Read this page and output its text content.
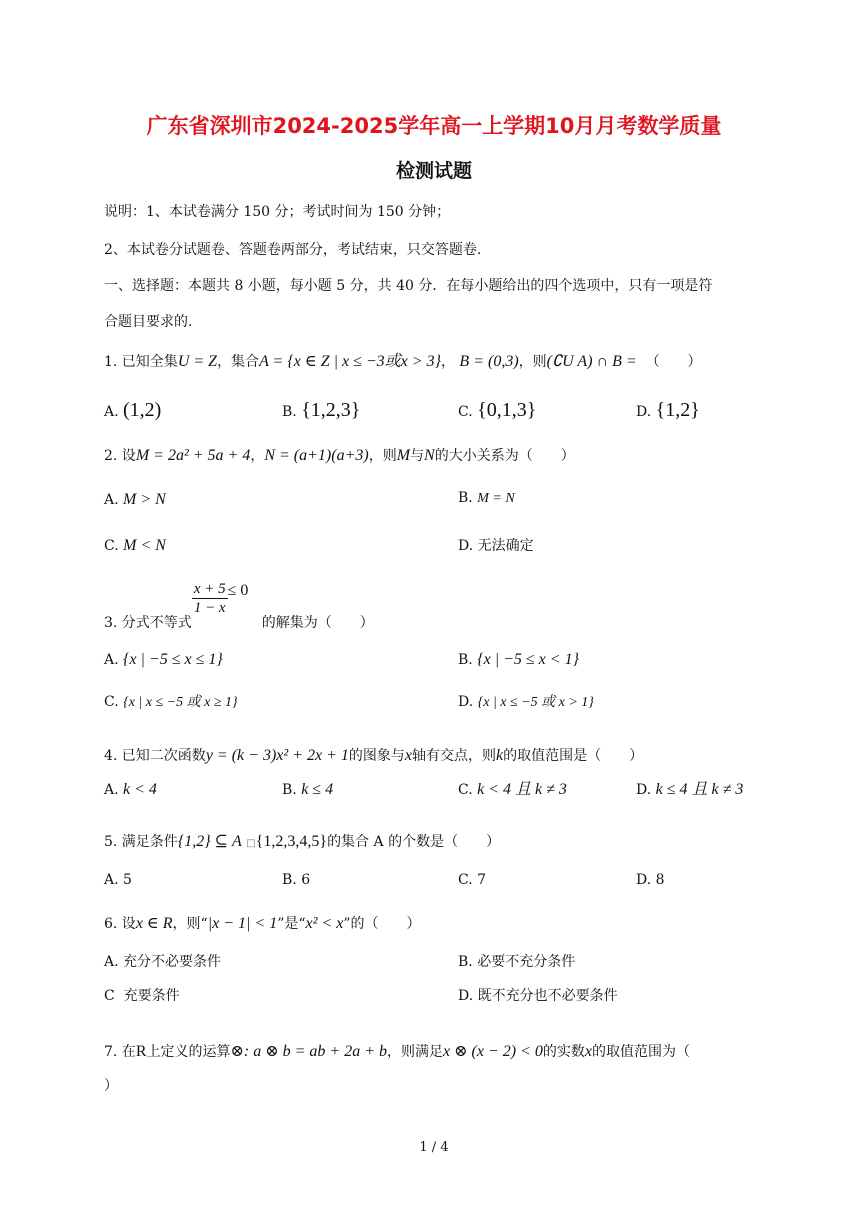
广东省深圳市2024-2025学年高一上学期10月月考数学质量
检测试题
说明：1、本试卷满分 150 分；考试时间为 150 分钟；
2、本试卷分试题卷、答题卷两部分，考试结束，只交答题卷.
一、选择题：本题共 8 小题，每小题 5 分，共 40 分．在每小题给出的四个选项中，只有一项是符
合题目要求的.
1. 已知全集U = Z，集合A = {x ∈ Z | x ≤ −3或x > 3}， B = (0,3)，则(∁U A) ∩ B = （　　）
A. (1,2)	B. {1,2,3}	C. {0,1,3}	D. {1,2}
2. 设M = 2a² + 5a + 4，N = (a+1)(a+3)，则M与N的大小关系为（　　）
A. M > N	B. M = N
C. M < N	D. 无法确定
3. 分式不等式
$\frac{x + 5}{1 - x} \le 0$   的解集为（　　）
A. {x | −5 ≤ x ≤ 1}	B. {x | −5 ≤ x < 1}
C. {x | x ≤ −5 或 x ≥ 1}	D. {x | x ≤ −5 或 x > 1}
4. 已知二次函数y = (k − 3)x² + 2x + 1的图象与x轴有交点，则k的取值范围是（　　）
A. k < 4	B. k ≤ 4	C. k < 4 且 k ≠ 3	D. k ≤ 4 且 k ≠ 3
5. 满足条件{1,2} ⊆ A □{1,2,3,4,5}的集合 A 的个数是（　　）
A. 5	B. 6	C. 7	D. 8
6. 设x ∈ R，则“|x − 1| < 1”是“x² < x”的（　　）
A. 充分不必要条件	B. 必要不充分条件
C 充要条件	D. 既不充分也不必要条件
7. 在R上定义的运算⊗: a ⊗ b = ab + 2a + b，则满足x ⊗ (x − 2) < 0的实数x的取值范围为（
）
1 / 4
